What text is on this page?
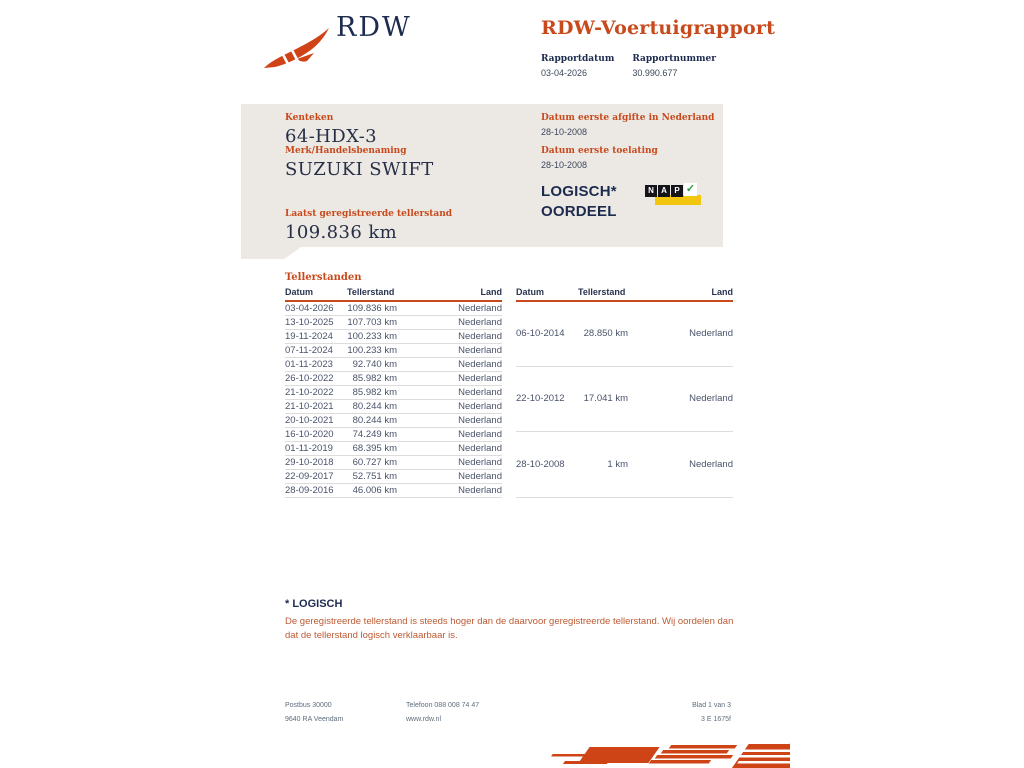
RDW	RDW-Voertuigrapport
Rapportdatum
03-04-2026
Rapportnummer
30.990.677
Kenteken
64-HDX-3
Merk/Handelsbenaming
SUZUKI SWIFT
Laatst geregistreerde tellerstand
109.836 km
Datum eerste afgifte in Nederland
28-10-2008
Datum eerste toelating
28-10-2008
LOGISCH*
OORDEEL
N A P ✓
Tellerstanden
Datum	Tellerstand	Land
03-04-2026	109.836 km	Nederland
13-10-2025	107.703 km	Nederland
19-11-2024	100.233 km	Nederland
07-11-2024	100.233 km	Nederland
01-11-2023	92.740 km	Nederland
26-10-2022	85.982 km	Nederland
21-10-2022	85.982 km	Nederland
21-10-2021	80.244 km	Nederland
20-10-2021	80.244 km	Nederland
16-10-2020	74.249 km	Nederland
01-11-2019	68.395 km	Nederland
29-10-2018	60.727 km	Nederland
22-09-2017	52.751 km	Nederland
28-09-2016	46.006 km	Nederland
Datum	Tellerstand	Land
06-10-2014	28.850 km	Nederland
22-10-2012	17.041 km	Nederland
28-10-2008	1 km	Nederland
* LOGISCH
De geregistreerde tellerstand is steeds hoger dan de daarvoor geregistreerde tellerstand. Wij oordelen dan dat de tellerstand logisch verklaarbaar is.
Postbus 30000
9640 RA Veendam
Telefoon 088 008 74 47
www.rdw.nl
Blad 1 van 3
3 E 1675f
